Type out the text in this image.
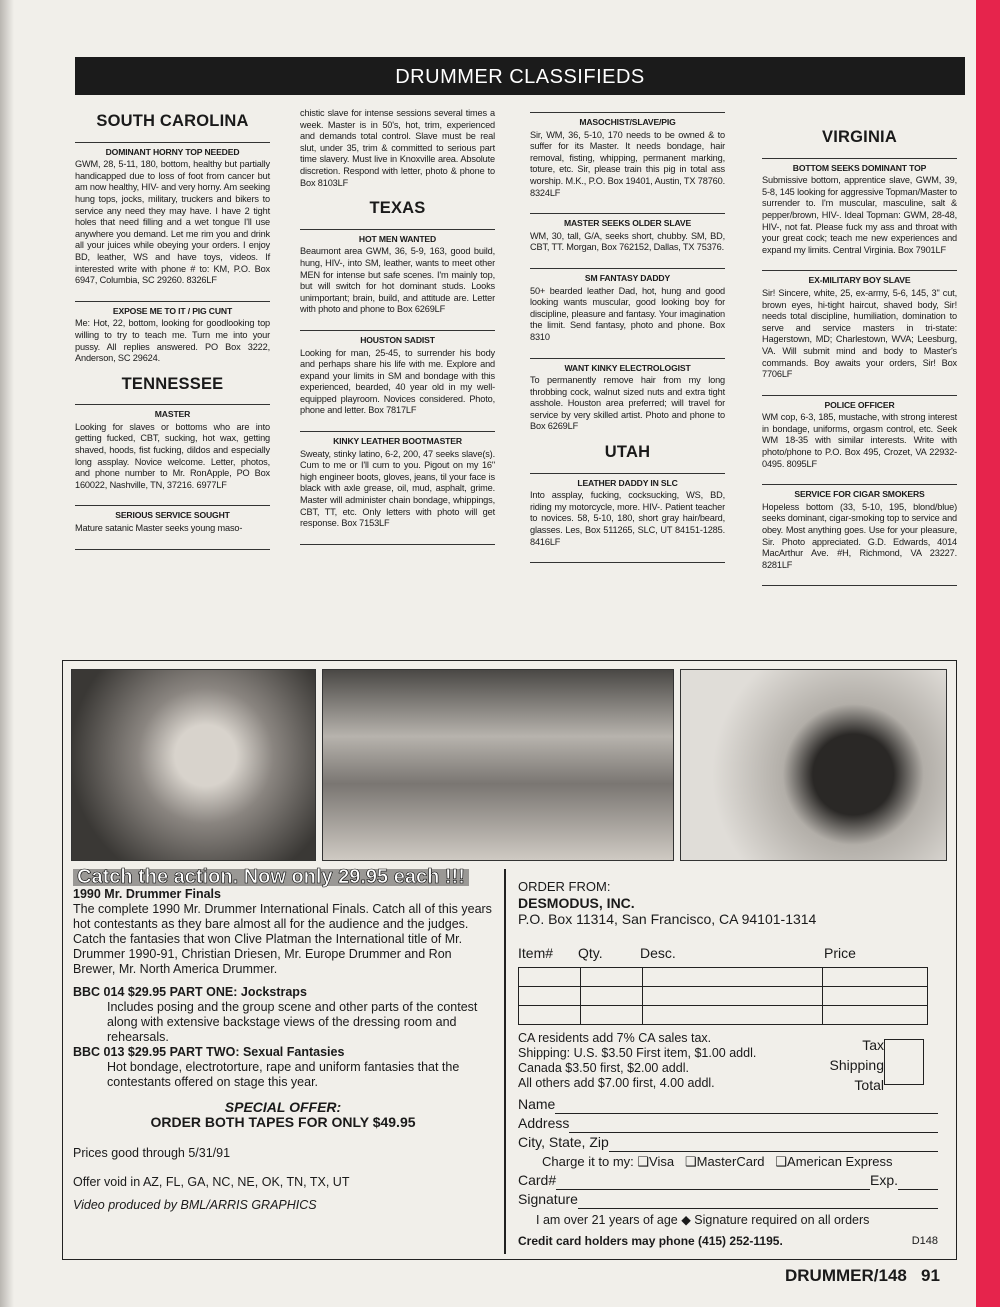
DRUMMER CLASSIFIEDS
SOUTH CAROLINA
DOMINANT HORNY TOP NEEDED
GWM, 28, 5-11, 180, bottom, healthy but partially handicapped due to loss of foot from cancer but am now healthy, HIV- and very horny. Am seeking hung tops, jocks, military, truckers and bikers to service any need they may have. I have 2 tight holes that need filling and a wet tongue I'll use anywhere you demand. Let me rim you and drink all your juices while obeying your orders. I enjoy BD, leather, WS and have toys, videos. If interested write with phone # to: KM, P.O. Box 6947, Columbia, SC 29260. 8326LF
EXPOSE ME TO IT / PIG CUNT
Me: Hot, 22, bottom, looking for goodlooking top willing to try to teach me. Turn me into your pussy. All replies answered. PO Box 3222, Anderson, SC 29624.
TENNESSEE
MASTER
Looking for slaves or bottoms who are into getting fucked, CBT, sucking, hot wax, getting shaved, hoods, fist fucking, dildos and especially long assplay. Novice welcome. Letter, photos, and phone number to Mr. RonApple, PO Box 160022, Nashville, TN, 37216. 6977LF
SERIOUS SERVICE SOUGHT
Mature satanic Master seeks young maso-
chistic slave for intense sessions several times a week. Master is in 50's, hot, trim, experienced and demands total control. Slave must be real slut, under 35, trim & committed to serious part time slavery. Must live in Knoxville area. Absolute discretion. Respond with letter, photo & phone to Box 8103LF
TEXAS
HOT MEN WANTED
Beaumont area GWM, 36, 5-9, 163, good build, hung, HIV-, into SM, leather, wants to meet other MEN for intense but safe scenes. I'm mainly top, but will switch for hot dominant studs. Looks unimportant; brain, build, and attitude are. Letter with photo and phone to Box 6269LF
HOUSTON SADIST
Looking for man, 25-45, to surrender his body and perhaps share his life with me. Explore and expand your limits in SM and bondage with this experienced, bearded, 40 year old in my well-equipped playroom. Novices considered. Photo, phone and letter. Box 7817LF
KINKY LEATHER BOOTMASTER
Sweaty, stinky latino, 6-2, 200, 47 seeks slave(s). Cum to me or I'll cum to you. Pigout on my 16" high engineer boots, gloves, jeans, til your face is black with axle grease, oil, mud, asphalt, grime. Master will administer chain bondage, whippings, CBT, TT, etc. Only letters with photo will get response. Box 7153LF
MASOCHIST/SLAVE/PIG
Sir, WM, 36, 5-10, 170 needs to be owned & to suffer for its Master. It needs bondage, hair removal, fisting, whipping, permanent marking, toture, etc. Sir, please train this pig in total ass worship. M.K., P.O. Box 19401, Austin, TX 78760. 8324LF
MASTER SEEKS OLDER SLAVE
WM, 30, tall, G/A, seeks short, chubby. SM, BD, CBT, TT. Morgan, Box 762152, Dallas, TX 75376.
SM FANTASY DADDY
50+ bearded leather Dad, hot, hung and good looking wants muscular, good looking boy for discipline, pleasure and fantasy. Your imagination the limit. Send fantasy, photo and phone. Box 8310
WANT KINKY ELECTROLOGIST
To permanently remove hair from my long throbbing cock, walnut sized nuts and extra tight asshole. Houston area preferred; will travel for service by very skilled artist. Photo and phone to Box 6269LF
UTAH
LEATHER DADDY IN SLC
Into assplay, fucking, cocksucking, WS, BD, riding my motorcycle, more. HIV-. Patient teacher to novices. 58, 5-10, 180, short gray hair/beard, glasses. Les, Box 511265, SLC, UT 84151-1285. 8416LF
VIRGINIA
BOTTOM SEEKS DOMINANT TOP
Submissive bottom, apprentice slave, GWM, 39, 5-8, 145 looking for aggressive Topman/Master to surrender to. I'm muscular, masculine, salt & pepper/brown, HIV-. Ideal Topman: GWM, 28-48, HIV-, not fat. Please fuck my ass and throat with your great cock; teach me new experiences and expand my limits. Central Virginia. Box 7901LF
EX-MILITARY BOY SLAVE
Sir! Sincere, white, 25, ex-army, 5-6, 145, 3" cut, brown eyes, hi-tight haircut, shaved body, Sir! needs total discipline, humiliation, domination to serve and service masters in tri-state: Hagerstown, MD; Charlestown, WVA; Leesburg, VA. Will submit mind and body to Master's commands. Boy awaits your orders, Sir! Box 7706LF
POLICE OFFICER
WM cop, 6-3, 185, mustache, with strong interest in bondage, uniforms, orgasm control, etc. Seek WM 18-35 with similar interests. Write with photo/phone to P.O. Box 495, Crozet, VA 22932-0495. 8095LF
SERVICE FOR CIGAR SMOKERS
Hopeless bottom (33, 5-10, 195, blond/blue) seeks dominant, cigar-smoking top to service and obey. Most anything goes. Use for your pleasure, Sir. Photo appreciated. G.D. Edwards, 4014 MacArthur Ave. #H, Richmond, VA 23227. 8281LF
Catch the action. Now only 29.95 each !!!
1990 Mr. Drummer Finals
The complete 1990 Mr. Drummer International Finals. Catch all of this years hot contestants as they bare almost all for the audience and the judges. Catch the fantasies that won Clive Platman the International title of Mr. Drummer 1990-91, Christian Driesen, Mr. Europe Drummer and Ron Brewer, Mr. North America Drummer.
BBC 014 $29.95 PART ONE: Jockstraps
Includes posing and the group scene and other parts of the contest along with extensive backstage views of the dressing room and rehearsals.
BBC 013 $29.95 PART TWO: Sexual Fantasies
Hot bondage, electrotorture, rape and uniform fantasies that the contestants offered on stage this year.
SPECIAL OFFER:
ORDER BOTH TAPES FOR ONLY $49.95
Prices good through 5/31/91
Offer void in AZ, FL, GA, NC, NE, OK, TN, TX, UT
Video produced by BML/ARRIS GRAPHICS
ORDER FROM:
DESMODUS, INC.
P.O. Box 11314, San Francisco, CA 94101-1314
Item#	Qty.	Desc.	Price

CA residents add 7% CA sales tax.
Shipping: U.S. $3.50 First item, $1.00 addl.
Canada $3.50 first, $2.00 addl.
All others add $7.00 first, 4.00 addl.
Tax
Shipping
Total
Name
Address
City, State, Zip
Charge it to my: ❑Visa   ❑MasterCard   ❑American Express
Card#	Exp.
Signature
I am over 21 years of age ◆ Signature required on all orders
Credit card holders may phone (415) 252-1195.	D148
DRUMMER/148 91
